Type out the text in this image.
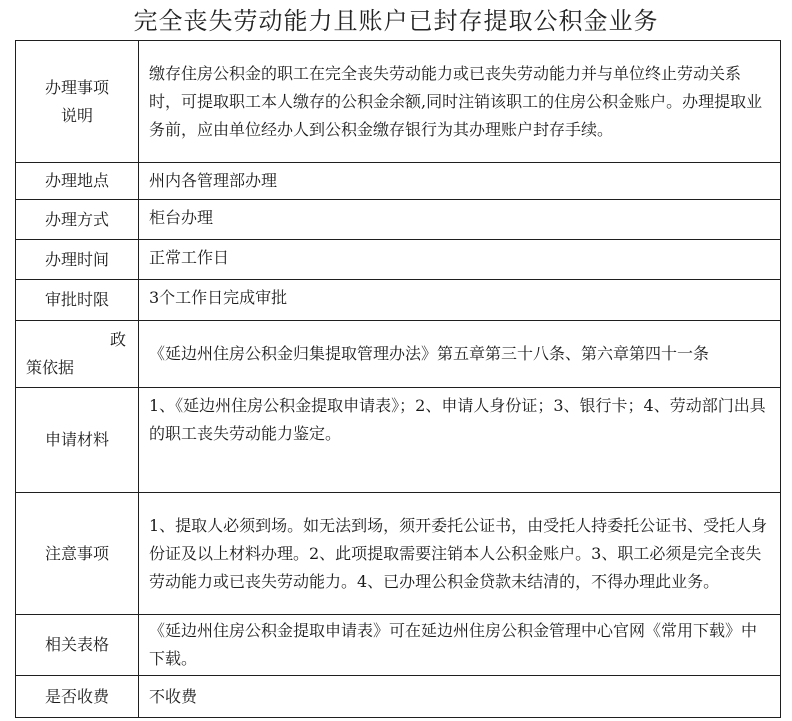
完全丧失劳动能力且账户已封存提取公积金业务
办理事项
说明	缴存住房公积金的职工在完全丧失劳动能力或已丧失劳动能力并与单位终止劳动关系时，可提取职工本人缴存的公积金余额,同时注销该职工的住房公积金账户。办理提取业务前，应由单位经办人到公积金缴存银行为其办理账户封存手续。
办理地点	州内各管理部办理
办理方式	柜台办理
办理时间	正常工作日
审批时限	3个工作日完成审批

政
策依据	《延边州住房公积金归集提取管理办法》第五章第三十八条、第六章第四十一条
申请材料	1、《延边州住房公积金提取申请表》；2、申请人身份证；3、银行卡；4、劳动部门出具的职工丧失劳动能力鉴定。
注意事项	1、提取人必须到场。如无法到场，须开委托公证书，由受托人持委托公证书、受托人身份证及以上材料办理。2、此项提取需要注销本人公积金账户。3、职工必须是完全丧失劳动能力或已丧失劳动能力。4、已办理公积金贷款未结清的，不得办理此业务。
相关表格	《延边州住房公积金提取申请表》可在延边州住房公积金管理中心官网《常用下载》中下载。
是否收费	不收费
